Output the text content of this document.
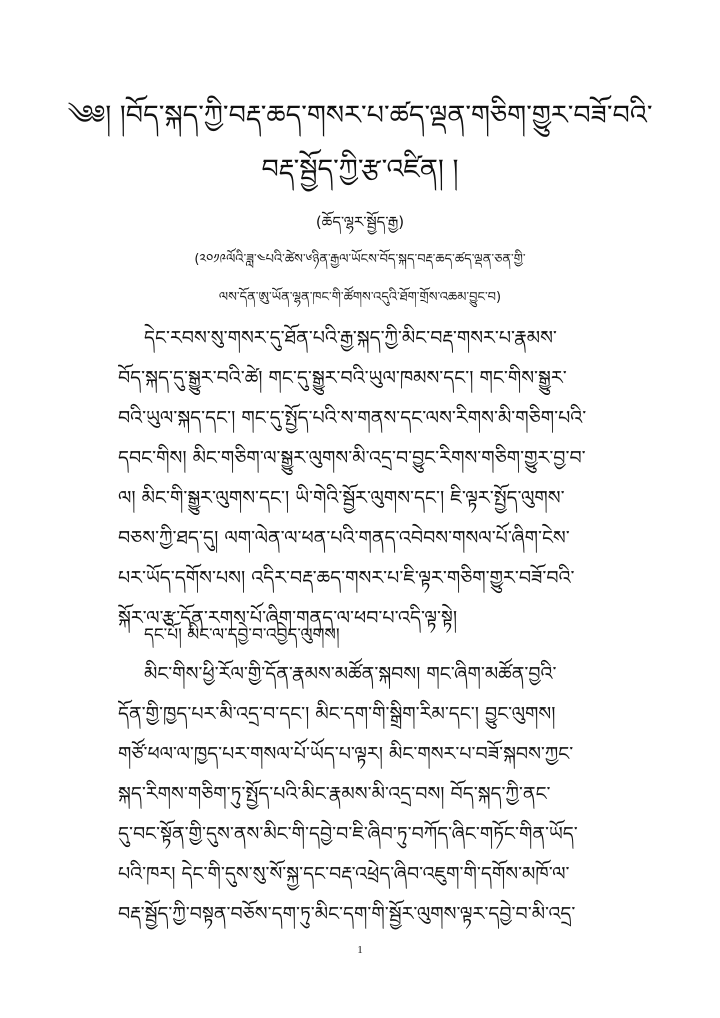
༄༅། །བོད་སྐད་ཀྱི་བརྡ་ཆད་གསར་པ་ཚད་ལྡན་གཅིག་གྱུར་བཟོ་བའི་
བརྡ་སྦྱོད་ཀྱི་རྩ་འཛིན། །
(ཆོད་ལྷར་སྦྱོད་རྒྱ)
(༢༠༡༩ལོའི་ཟླ་༤པའི་ཚེས་༦ཉིན་རྒྱལ་ཡོངས་བོད་སྐད་བརྡ་ཆད་ཚད་ལྡན་ཅན་གྱི་
ལས་དོན་ཨུ་ཡོན་ལྷན་ཁང་གི་ཚོགས་འདུའི་ཐོག་གྲོས་འཆམ་བྱུང་བ)
དེང་རབས་སུ་གསར་དུ་ཐོན་པའི་རྒྱ་སྐད་ཀྱི་མིང་བརྡ་གསར་པ་རྣམས་
བོད་སྐད་དུ་སྒྱུར་བའི་ཚེ། གང་དུ་སྒྱུར་བའི་ཡུལ་ཁམས་དང་། གང་གིས་སྒྱུར་
བའི་ཡུལ་སྐད་དང་། གང་དུ་སྤྱོད་པའི་ས་གནས་དང་ལས་རིགས་མི་གཅིག་པའི་
དབང་གིས། མིང་གཅིག་ལ་སྒྱུར་ལུགས་མི་འདྲ་བ་བྱུང་རིགས་གཅིག་གྱུར་བྱ་བ་
ལ། མིང་གི་སྒྱུར་ལུགས་དང་། ཡི་གེའི་སྦྱོར་ལུགས་དང་། ཇི་ལྟར་སྤྱོད་ལུགས་
བཅས་ཀྱི་ཐད་དུ། ལག་ལེན་ལ་ཕན་པའི་གནད་འབེབས་གསལ་པོ་ཞིག་ངེས་
པར་ཡོད་དགོས་པས། འདིར་བརྡ་ཆད་གསར་པ་ཇི་ལྟར་གཅིག་གྱུར་བཟོ་བའི་
སྐོར་ལ་རྩ་དོན་རགས་པོ་ཞིག་གནད་ལ་ཕབ་པ་འདི་ལྟ་སྟེ།
དང་པོ། མིང་ལ་དབྱེ་བ་འབྱེད་ལུགས།
མིང་གིས་ཕྱི་རོལ་གྱི་དོན་རྣམས་མཚོན་སྐབས། གང་ཞིག་མཚོན་བྱའི་
དོན་གྱི་ཁྱད་པར་མི་འདྲ་བ་དང་། མིང་དག་གི་སྒྲིག་རིམ་དང་། བྱུང་ལུགས།
གཙོ་ཕལ་ལ་ཁྱད་པར་གསལ་པོ་ཡོད་པ་ལྟར། མིང་གསར་པ་བཟོ་སྐབས་ཀྱང་
སྐད་རིགས་གཅིག་ཏུ་སྤྱོད་པའི་མིང་རྣམས་མི་འདྲ་བས། བོད་སྐད་ཀྱི་ནང་
དུ་བང་སྟོན་གྱི་དུས་ནས་མིང་གི་དབྱེ་བ་ཇི་ཞིབ་ཏུ་བཀོད་ཞིང་གཏོང་གིན་ཡོད་
པའི་ཁར། དེང་གི་དུས་སུ་སོ་སྐྱ་དང་བརྡ་འཕྲེད་ཞིབ་འཇུག་གི་དགོས་མཁོ་ལ་
བརྡ་སྦྱོད་ཀྱི་བསྟན་བཅོས་དག་ཏུ་མིང་དག་གི་སྦྱོར་ལུགས་ལྟར་དབྱེ་བ་མི་འདྲ་
1
